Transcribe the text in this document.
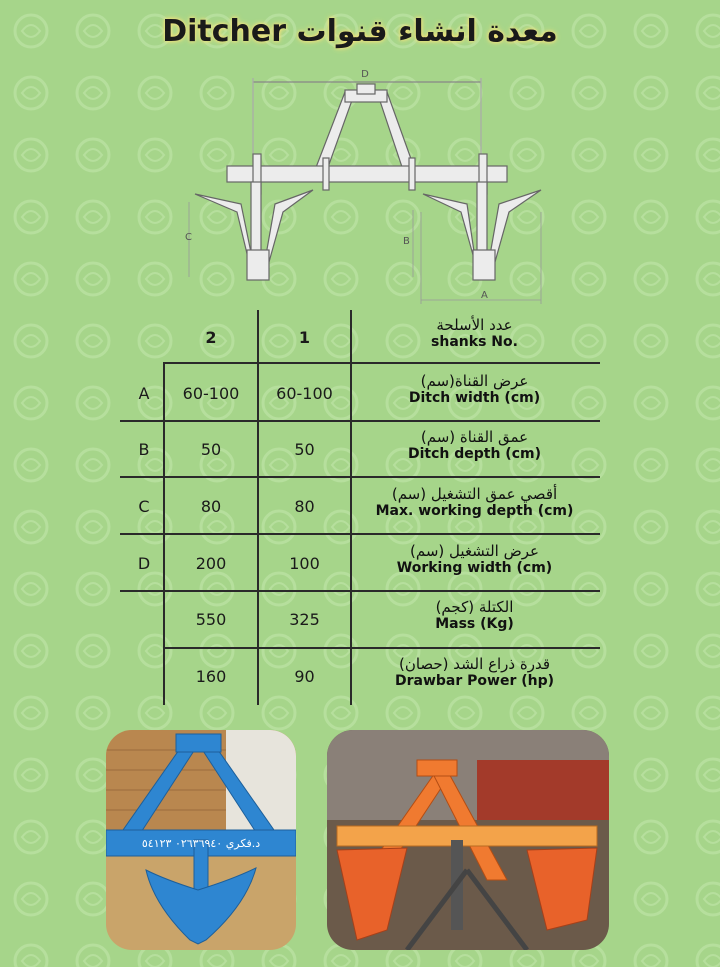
معدة انشاء قنوات Ditcher
D
C	B
A
2	1
عدد الأسلحة
shanks No.
A	60-100	60-100
عرض القناة(سم)
Ditch width (cm)
B	50	50
عمق القناة (سم)
Ditch depth (cm)
C	80	80
أقصي عمق التشغيل (سم)
Max. working depth (cm)
D	200	100
عرض التشغيل (سم)
Working width (cm)
550	325
الكتلة (كجم)
Mass (Kg)
160	90
قدرة ذراع الشد (حصان)
Drawbar Power (hp)
د.فكري ٠٢٦٣٦٩٤٠ ٥٤١٢٣
